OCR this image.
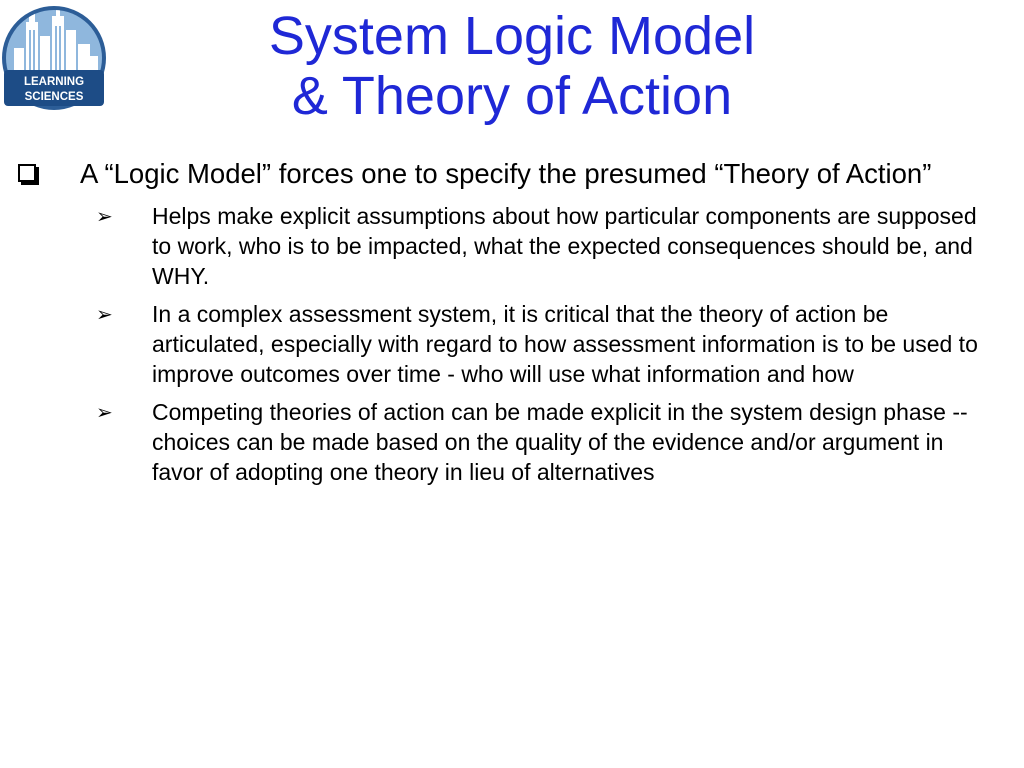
LEARNING
SCIENCES
System Logic Model
& Theory of Action
A “Logic Model” forces one to specify the presumed “Theory of Action”
➢ Helps make explicit assumptions about how particular components are supposed to work, who is to be impacted, what the expected consequences should be, and WHY.
➢ In a complex assessment system, it is critical that the theory of action be articulated, especially with regard to how assessment information is to be used to improve outcomes over time - who will use what information and how
➢ Competing theories of action can be made explicit in the system design phase -- choices can be made based on the quality of the evidence and/or argument in favor of adopting one theory in lieu of alternatives
